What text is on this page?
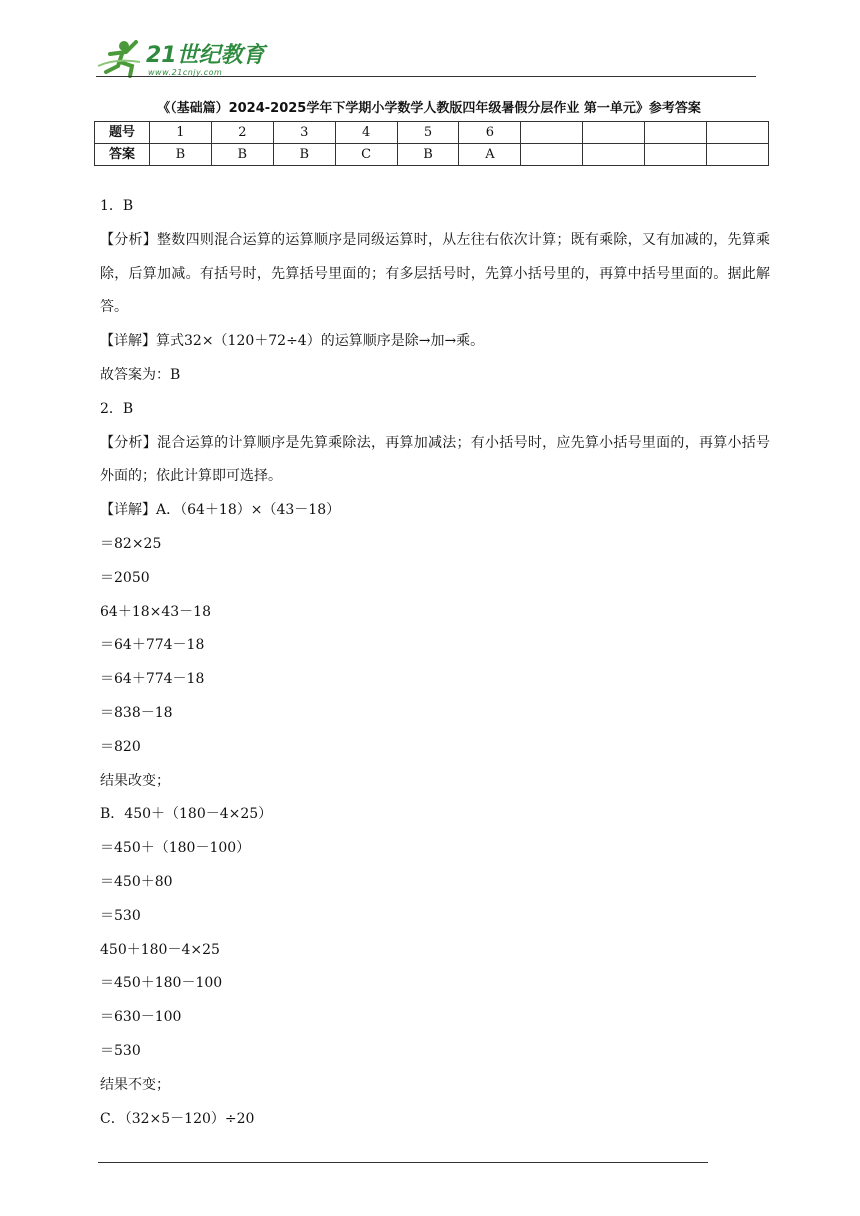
21世纪教育
www.21cnjy.com
《（基础篇）2024-2025学年下学期小学数学人教版四年级暑假分层作业 第一单元》参考答案
题号	1	2	3	4	5	6				
答案	B	B	B	C	B	A				

1．B

【分析】整数四则混合运算的运算顺序是同级运算时，从左往右依次计算；既有乘除，又有加减的，先算乘除，后算加减。有括号时，先算括号里面的；有多层括号时，先算小括号里的，再算中括号里面的。据此解答。

【详解】算式32×（120＋72÷4）的运算顺序是除→加→乘。

故答案为：B

2．B

【分析】混合运算的计算顺序是先算乘除法，再算加减法；有小括号时，应先算小括号里面的，再算小括号外面的；依此计算即可选择。

【详解】A．（64＋18）×（43－18）

＝82×25

＝2050

64＋18×43－18

＝64＋774－18

＝64＋774－18

＝838－18

＝820

结果改变；

B．450＋（180－4×25）

＝450＋（180－100）

＝450＋80

＝530

450＋180－4×25

＝450＋180－100

＝630－100

＝530

结果不变；

C．（32×5－120）÷20
